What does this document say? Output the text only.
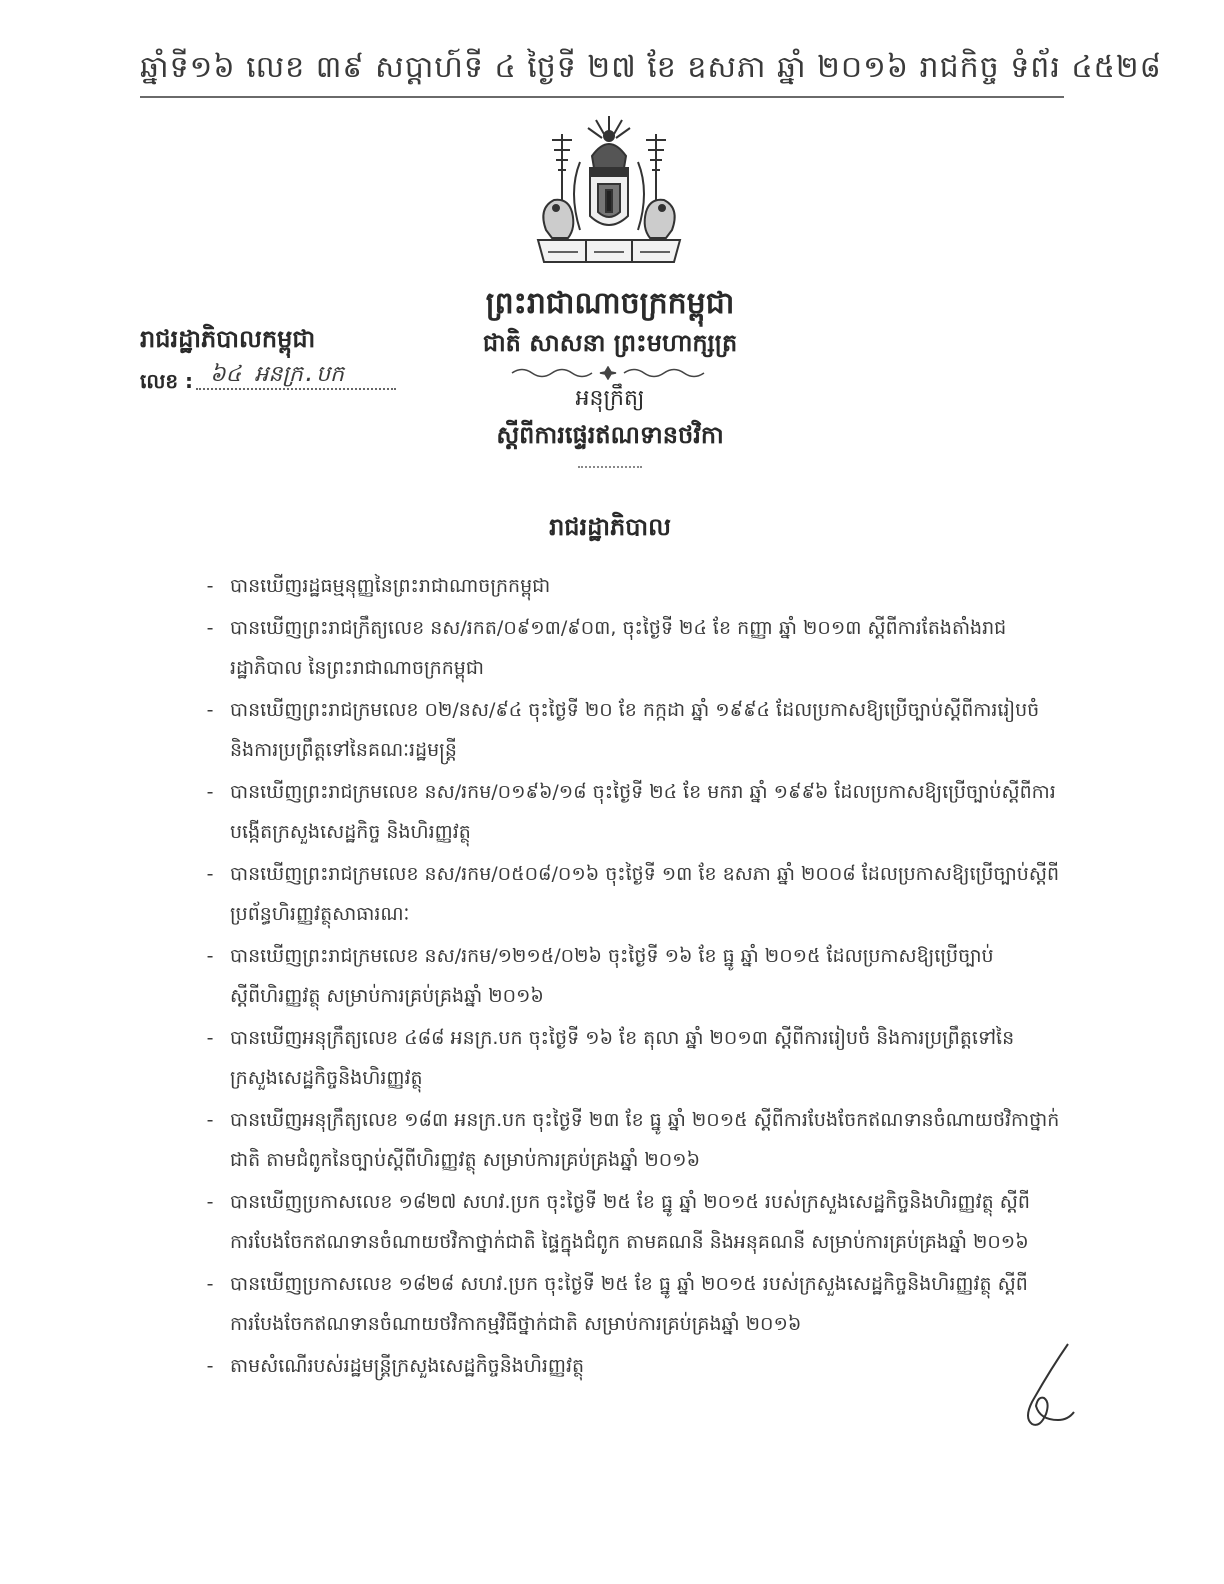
ឆ្នាំទី១៦ លេខ ៣៩ សប្តាហ៍ទី ៤ ថ្ងៃទី ២៧ ខែ ឧសភា ឆ្នាំ ២០១៦ រាជកិច្ច ទំព័រ ៤៥២៨
ព្រះរាជាណាចក្រកម្ពុជា
ជាតិ សាសនា ព្រះមហាក្សត្រ
អនុក្រឹត្យ
ស្តីពីការផ្ទេរឥណទានថវិកា
រាជរដ្ឋាភិបាលកម្ពុជា
លេខ : ៦៤ អនក្រ.បក
រាជរដ្ឋាភិបាល
- បានឃើញរដ្ឋធម្មនុញ្ញនៃព្រះរាជាណាចក្រកម្ពុជា
- បានឃើញព្រះរាជក្រឹត្យលេខ នស/រកត/០៩១៣/៩០៣, ចុះថ្ងៃទី ២៤ ខែ កញ្ញា ឆ្នាំ ២០១៣ ស្តីពីការតែងតាំងរាជរដ្ឋាភិបាល នៃព្រះរាជាណាចក្រកម្ពុជា
- បានឃើញព្រះរាជក្រមលេខ ០២/នស/៩៤ ចុះថ្ងៃទី ២០ ខែ កក្កដា ឆ្នាំ ១៩៩៤ ដែលប្រកាសឱ្យប្រើច្បាប់ស្តីពីការរៀបចំ និងការប្រព្រឹត្តទៅនៃគណៈរដ្ឋមន្ត្រី
- បានឃើញព្រះរាជក្រមលេខ នស/រកម/០១៩៦/១៨ ចុះថ្ងៃទី ២៤ ខែ មករា ឆ្នាំ ១៩៩៦ ដែលប្រកាសឱ្យប្រើច្បាប់ស្តីពីការបង្កើតក្រសួងសេដ្ឋកិច្ច និងហិរញ្ញវត្ថុ
- បានឃើញព្រះរាជក្រមលេខ នស/រកម/០៥០៨/០១៦ ចុះថ្ងៃទី ១៣ ខែ ឧសភា ឆ្នាំ ២០០៨ ដែលប្រកាសឱ្យប្រើច្បាប់ស្តីពីប្រព័ន្ធហិរញ្ញវត្ថុសាធារណៈ
- បានឃើញព្រះរាជក្រមលេខ នស/រកម/១២១៥/០២៦ ចុះថ្ងៃទី ១៦ ខែ ធ្នូ ឆ្នាំ ២០១៥ ដែលប្រកាសឱ្យប្រើច្បាប់ស្តីពីហិរញ្ញវត្ថុ សម្រាប់ការគ្រប់គ្រងឆ្នាំ ២០១៦
- បានឃើញអនុក្រឹត្យលេខ ៤៨៨ អនក្រ.បក ចុះថ្ងៃទី ១៦ ខែ តុលា ឆ្នាំ ២០១៣ ស្តីពីការរៀបចំ និងការប្រព្រឹត្តទៅនៃក្រសួងសេដ្ឋកិច្ចនិងហិរញ្ញវត្ថុ
- បានឃើញអនុក្រឹត្យលេខ ១៨៣ អនក្រ.បក ចុះថ្ងៃទី ២៣ ខែ ធ្នូ ឆ្នាំ ២០១៥ ស្តីពីការបែងចែកឥណទានចំណាយថវិកាថ្នាក់ជាតិ តាមជំពូកនៃច្បាប់ស្តីពីហិរញ្ញវត្ថុ សម្រាប់ការគ្រប់គ្រងឆ្នាំ ២០១៦
- បានឃើញប្រកាសលេខ ១៨២៧ សហវ.ប្រក ចុះថ្ងៃទី ២៥ ខែ ធ្នូ ឆ្នាំ ២០១៥ របស់ក្រសួងសេដ្ឋកិច្ចនិងហិរញ្ញវត្ថុ ស្តីពីការបែងចែកឥណទានចំណាយថវិកាថ្នាក់ជាតិ ផ្ទៃក្នុងជំពូក តាមគណនី និងអនុគណនី សម្រាប់ការគ្រប់គ្រងឆ្នាំ ២០១៦
- បានឃើញប្រកាសលេខ ១៨២៨ សហវ.ប្រក ចុះថ្ងៃទី ២៥ ខែ ធ្នូ ឆ្នាំ ២០១៥ របស់ក្រសួងសេដ្ឋកិច្ចនិងហិរញ្ញវត្ថុ ស្តីពីការបែងចែកឥណទានចំណាយថវិកាកម្មវិធីថ្នាក់ជាតិ សម្រាប់ការគ្រប់គ្រងឆ្នាំ ២០១៦
- តាមសំណើរបស់រដ្ឋមន្ត្រីក្រសួងសេដ្ឋកិច្ចនិងហិរញ្ញវត្ថុ
